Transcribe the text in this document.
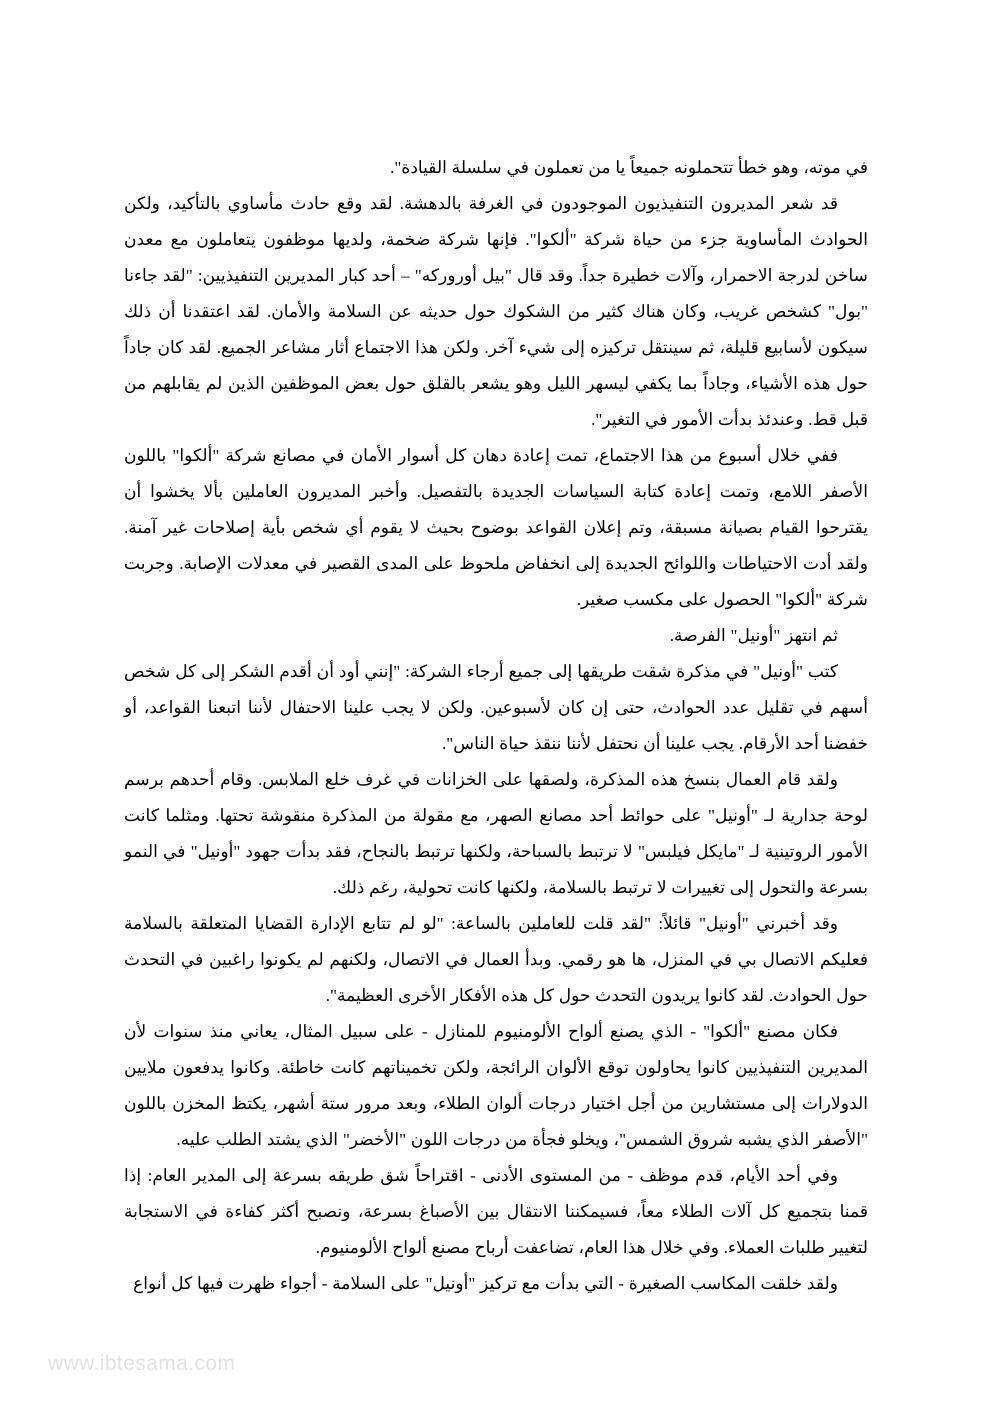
في موته، وهو خطأ تتحملونه جميعاً يا من تعملون في سلسلة القيادة".

قد شعر المديرون التنفيذيون الموجودون في الغرفة بالدهشة. لقد وقع حادث مأساوي بالتأكيد، ولكن الحوادث المأساوية جزء من حياة شركة "ألكوا". فإنها شركة ضخمة، ولديها موظفون يتعاملون مع معدن ساخن لدرجة الاحمرار، وآلات خطيرة جداً. وقد قال "بيل أوروركه" – أحد كبار المديرين التنفيذيين: "لقد جاءنا "بول" كشخص غريب، وكان هناك كثير من الشكوك حول حديثه عن السلامة والأمان. لقد اعتقدنا أن ذلك سيكون لأسابيع قليلة، ثم سينتقل تركيزه إلى شيء آخر. ولكن هذا الاجتماع أثار مشاعر الجميع. لقد كان جاداً حول هذه الأشياء، وجاداً بما يكفي ليسهر الليل وهو يشعر بالقلق حول بعض الموظفين الذين لم يقابلهم من قبل قط. وعندئذ بدأت الأمور في التغير".

ففي خلال أسبوع من هذا الاجتماع، تمت إعادة دهان كل أسوار الأمان في مصانع شركة "ألكوا" باللون الأصفر اللامع، وتمت إعادة كتابة السياسات الجديدة بالتفصيل. وأخبر المديرون العاملين بألا يخشوا أن يقترحوا القيام بصيانة مسبقة، وتم إعلان القواعد بوضوح بحيث لا يقوم أي شخص بأية إصلاحات غير آمنة. ولقد أدت الاحتياطات واللوائح الجديدة إلى انخفاض ملحوظ على المدى القصير في معدلات الإصابة. وجربت شركة "ألكوا" الحصول على مكسب صغير.

ثم انتهز "أونيل" الفرصة.

كتب "أونيل" في مذكرة شقت طريقها إلى جميع أرجاء الشركة: "إنني أود أن أقدم الشكر إلى كل شخص أسهم في تقليل عدد الحوادث، حتى إن كان لأسبوعين. ولكن لا يجب علينا الاحتفال لأننا اتبعنا القواعد، أو خفضنا أحد الأرقام. يجب علينا أن نحتفل لأننا ننقذ حياة الناس".

ولقد قام العمال بنسخ هذه المذكرة، ولصقها على الخزانات في غرف خلع الملابس. وقام أحدهم برسم لوحة جدارية لـ "أونيل" على حوائط أحد مصانع الصهر، مع مقولة من المذكرة منقوشة تحتها. ومثلما كانت الأمور الروتينية لـ "مايكل فيلبس" لا ترتبط بالسباحة، ولكنها ترتبط بالنجاح، فقد بدأت جهود "أونيل" في النمو بسرعة والتحول إلى تغييرات لا ترتبط بالسلامة، ولكنها كانت تحولية، رغم ذلك.

وقد أخبرني "أونيل" قائلاً: "لقد قلت للعاملين بالساعة: "لو لم تتابع الإدارة القضايا المتعلقة بالسلامة فعليكم الاتصال بي في المنزل، ها هو رقمي. وبدأ العمال في الاتصال، ولكنهم لم يكونوا راغبين في التحدث حول الحوادث. لقد كانوا يريدون التحدث حول كل هذه الأفكار الأخرى العظيمة".

فكان مصنع "ألكوا" - الذي يصنع ألواح الألومنيوم للمنازل - على سبيل المثال، يعاني منذ سنوات لأن المديرين التنفيذيين كانوا يحاولون توقع الألوان الرائجة، ولكن تخميناتهم كانت خاطئة. وكانوا يدفعون ملايين الدولارات إلى مستشارين من أجل اختيار درجات ألوان الطلاء، وبعد مرور ستة أشهر، يكتظ المخزن باللون "الأصفر الذي يشبه شروق الشمس"، ويخلو فجأة من درجات اللون "الأخضر" الذي يشتد الطلب عليه.

وفي أحد الأيام، قدم موظف - من المستوى الأدنى - اقتراحاً شق طريقه بسرعة إلى المدير العام: إذا قمنا بتجميع كل آلات الطلاء معاً، فسيمكننا الانتقال بين الأصباغ بسرعة، ونصبح أكثر كفاءة في الاستجابة لتغيير طلبات العملاء. وفي خلال هذا العام، تضاعفت أرباح مصنع ألواح الألومنيوم.

ولقد خلقت المكاسب الصغيرة - التي بدأت مع تركيز "أونيل" على السلامة - أجواء ظهرت فيها كل أنواع

www.ibtesama.com
